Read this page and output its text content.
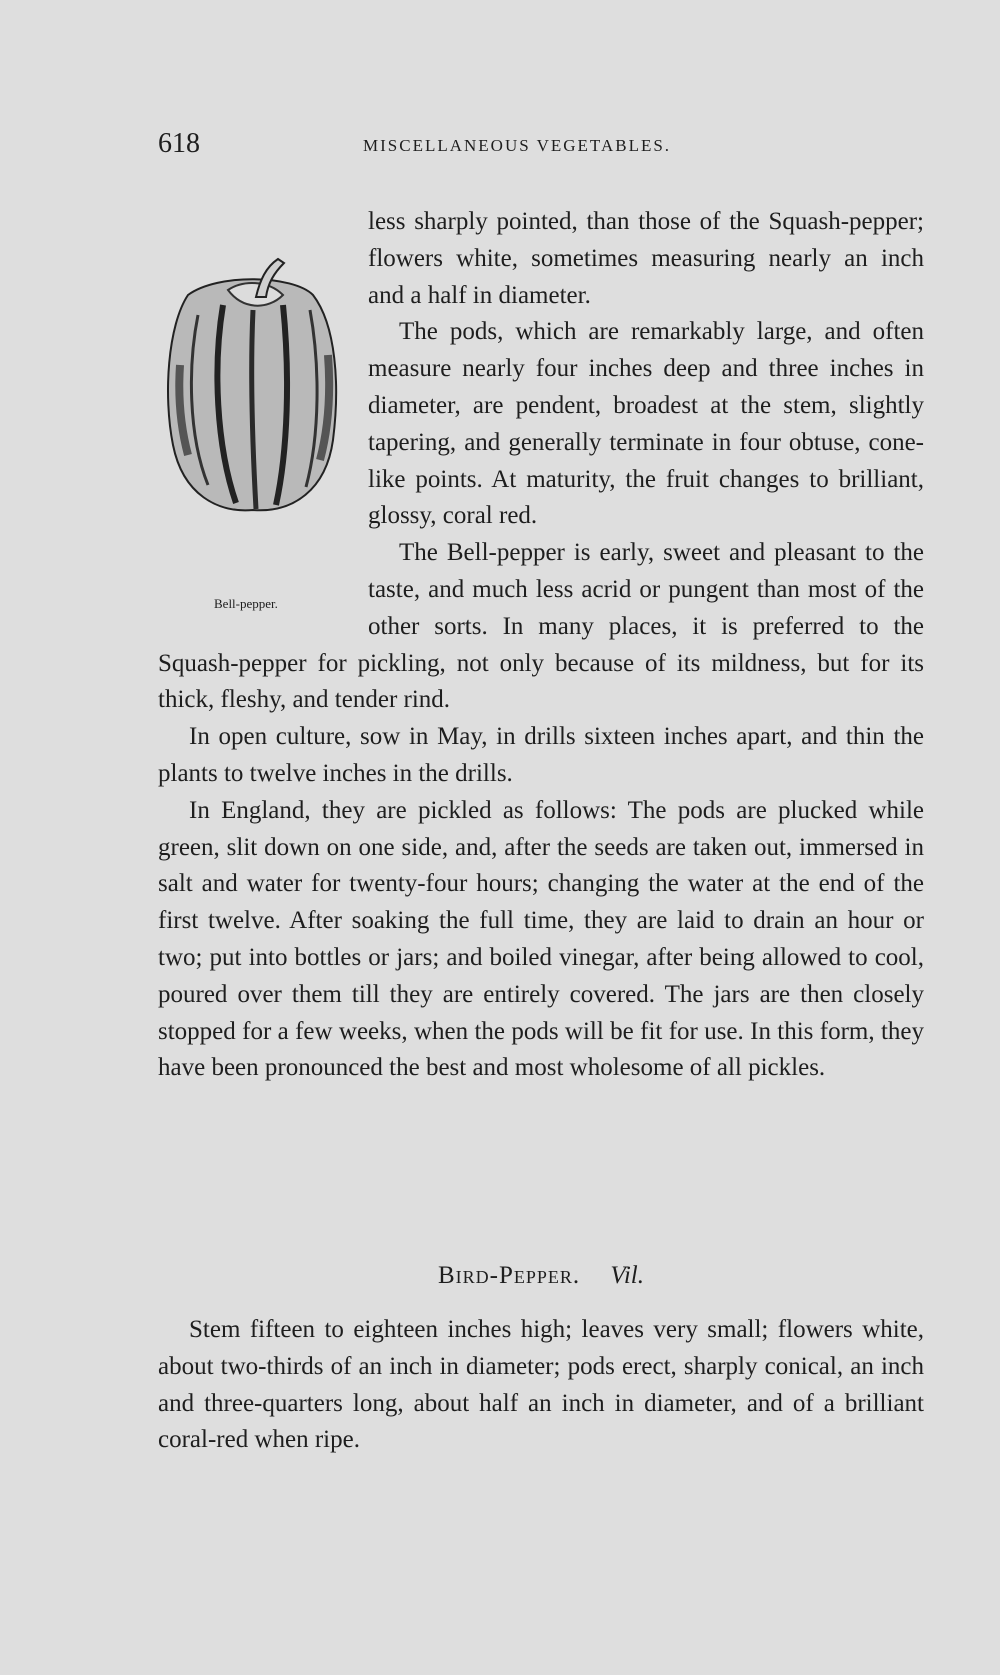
618	MISCELLANEOUS VEGETABLES.

Bell-pepper.
less sharply pointed, than those of the Squash-pepper; flowers white, sometimes measuring nearly an inch and a half in diameter.

The pods, which are remarkably large, and often measure nearly four inches deep and three inches in diameter, are pendent, broadest at the stem, slightly tapering, and generally terminate in four obtuse, cone-like points. At maturity, the fruit changes to brilliant, glossy, coral red.

The Bell-pepper is early, sweet and pleasant to the taste, and much less acrid or pungent than most of the other sorts. In many places, it is preferred to the Squash-pepper for pickling, not only because of its mildness, but for its thick, fleshy, and tender rind.

In open culture, sow in May, in drills sixteen inches apart, and thin the plants to twelve inches in the drills.

In England, they are pickled as follows: The pods are plucked while green, slit down on one side, and, after the seeds are taken out, immersed in salt and water for twenty-four hours; changing the water at the end of the first twelve. After soaking the full time, they are laid to drain an hour or two; put into bottles or jars; and boiled vinegar, after being allowed to cool, poured over them till they are entirely covered. The jars are then closely stopped for a few weeks, when the pods will be fit for use. In this form, they have been pronounced the best and most wholesome of all pickles.

Bird-Pepper. Vil.

Stem fifteen to eighteen inches high; leaves very small; flowers white, about two-thirds of an inch in diameter; pods erect, sharply conical, an inch and three-quarters long, about half an inch in diameter, and of a brilliant coral-red when ripe.
